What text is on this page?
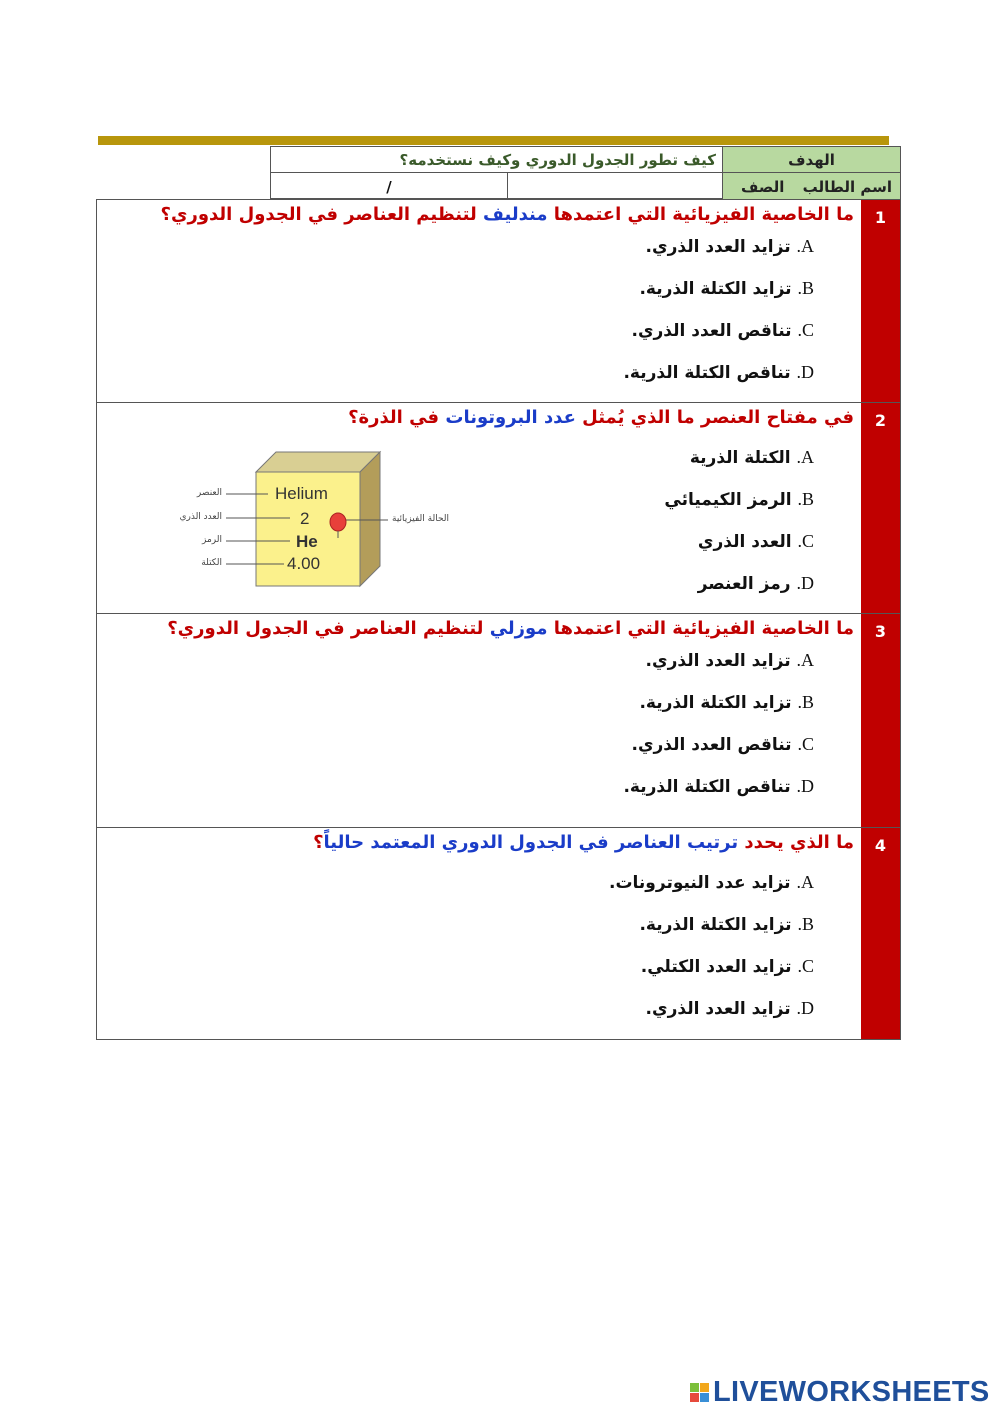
الهدف
كيف تطور الجدول الدوري وكيف نستخدمه؟
اسم الطالب
الصف
/
1
ما الخاصية الفيزيائية التي اعتمدها مندليف لتنظيم العناصر في الجدول الدوري؟
A. تزايد العدد الذري.
B. تزايد الكتلة الذرية.
C. تناقص العدد الذري.
D. تناقص الكتلة الذرية.
2
في مفتاح العنصر ما الذي يُمثل عدد البروتونات في الذرة؟
A. الكتلة الذرية
B. الرمز الكيميائي
C. العدد الذري
D. رمز العنصر
Helium
2
He
4.00
العنصر
العدد الذري
الرمز
الكتلة
الحالة الفيزيائية
3
ما الخاصية الفيزيائية التي اعتمدها موزلي لتنظيم العناصر في الجدول الدوري؟
A. تزايد العدد الذري.
B. تزايد الكتلة الذرية.
C. تناقص العدد الذري.
D. تناقص الكتلة الذرية.
4
ما الذي يحدد ترتيب العناصر في الجدول الدوري المعتمد حالياً؟
A. تزايد عدد النيوترونات.
B. تزايد الكتلة الذرية.
C. تزايد العدد الكتلي.
D. تزايد العدد الذري.
LIVEWORKSHEETS
